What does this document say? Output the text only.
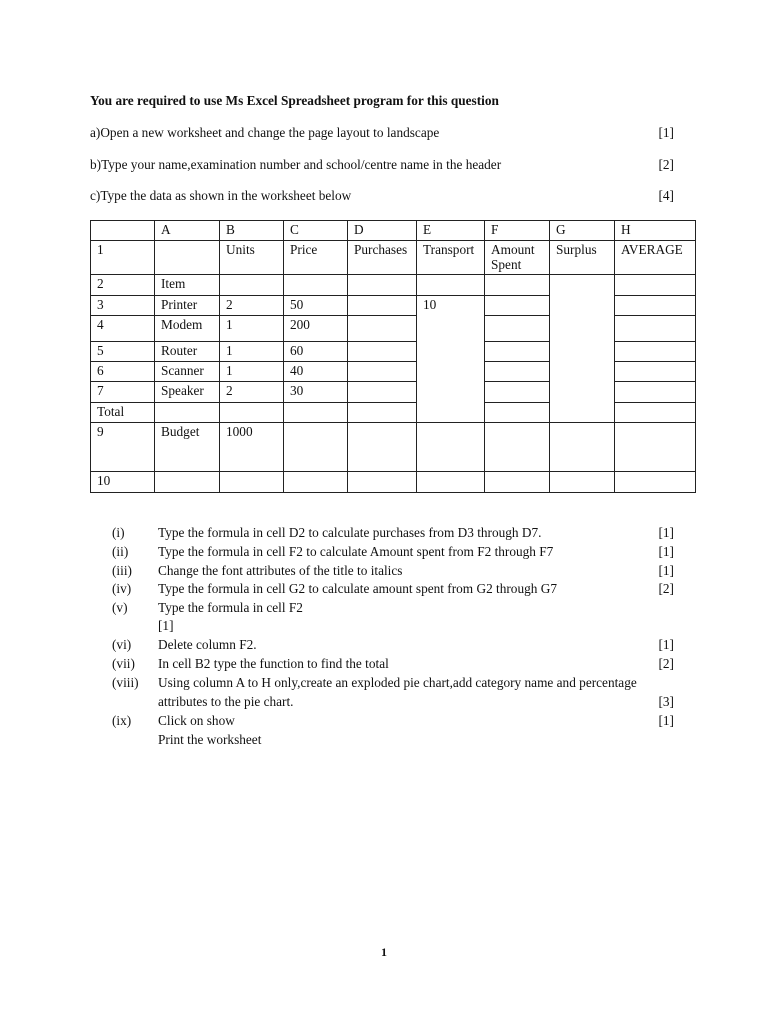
You are required to use Ms Excel Spreadsheet program for this question
a)Open a new worksheet and change the page layout to landscape	[1]
b)Type your name,examination number and school/centre name in the header	[2]
c)Type the data as shown in the worksheet below	[4]
	A	B	C	D	E	F	G	H
1		Units	Price	Purchases	Transport	Amount Spent	Surplus	AVERAGE
2	Item							
3	Printer	2	50		10			
4	Modem	1	200					
5	Router	1	60					
6	Scanner	1	40					
7	Speaker	2	30					
Total								
9	Budget	1000						
10								
(i)	Type the formula in cell D2 to calculate purchases from D3 through D7.	[1]
(ii) Type the formula in cell F2 to calculate Amount spent from F2 through F7	[1]
(iii) Change the font attributes of the title to italics	[1]
(iv) Type the formula in cell G2 to calculate amount spent from G2 through G7	[2]
(v) Type the formula in cell F2
[1]
(vi) Delete column F2.	[1]
(vii) In cell B2 type the function to find the total	[2]
(viii) Using column A to H only,create an exploded pie chart,add category name and percentage
attributes to the pie chart.	[3]
(ix) Click on show	[1]
Print the worksheet
1
